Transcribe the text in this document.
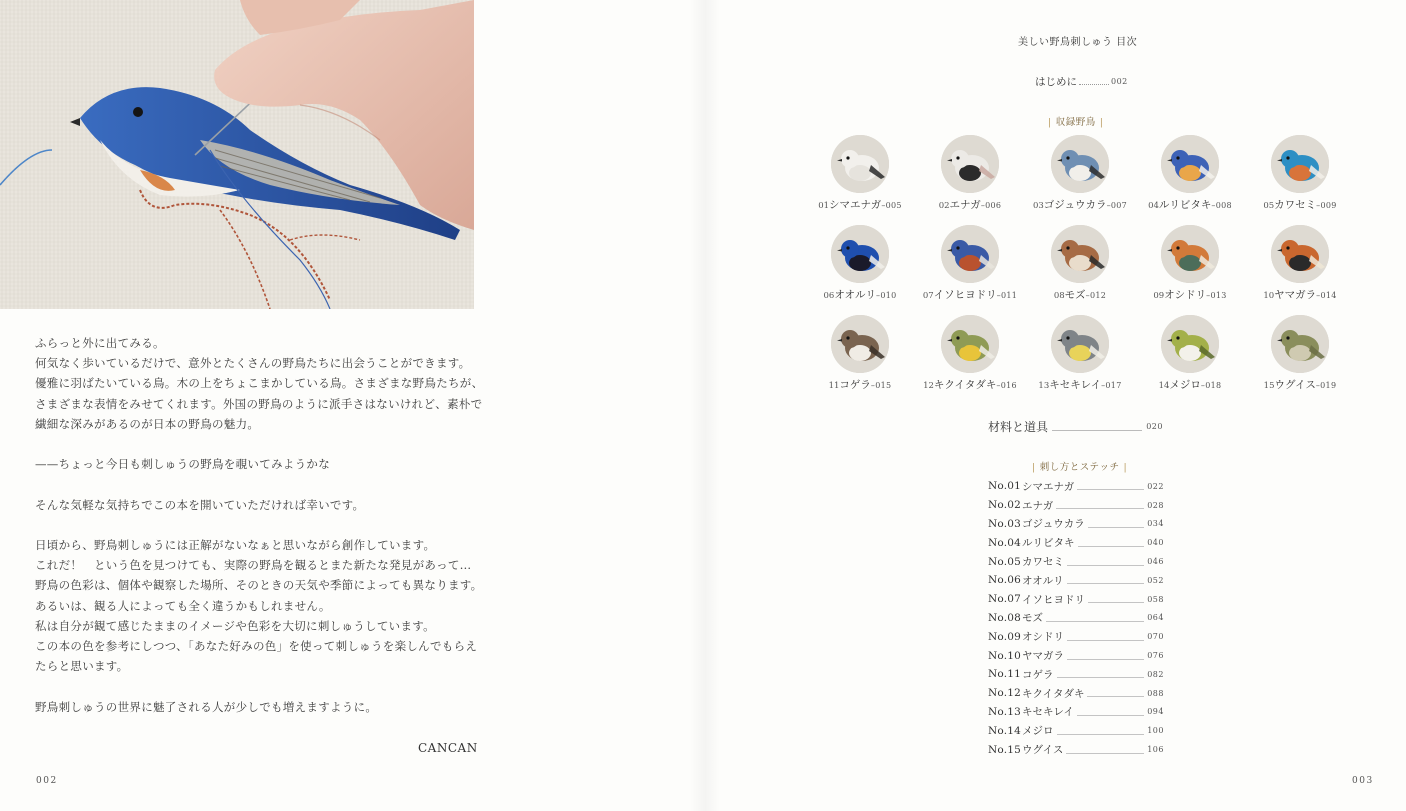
ふらっと外に出てみる。

何気なく歩いているだけで、意外とたくさんの野鳥たちに出会うことができます。

優雅に羽ばたいている鳥。木の上をちょこまかしている鳥。さまざまな野鳥たちが、

さまざまな表情をみせてくれます。外国の野鳥のように派手さはないけれど、素朴で

繊細な深みがあるのが日本の野鳥の魅力。

——ちょっと今日も刺しゅうの野鳥を覗いてみようかな

そんな気軽な気持ちでこの本を開いていただければ幸いです。

日頃から、野鳥刺しゅうには正解がないなぁと思いながら創作しています。

これだ！　という色を見つけても、実際の野鳥を観るとまた新たな発見があって…

野鳥の色彩は、個体や観察した場所、そのときの天気や季節によっても異なります。

あるいは、観る人によっても全く違うかもしれません。

私は自分が観て感じたままのイメージや色彩を大切に刺しゅうしています。

この本の色を参考にしつつ、「あなた好みの色」を使って刺しゅうを楽しんでもらえ

たらと思います。

野鳥刺しゅうの世界に魅了される人が少しでも増えますように。

CANCAN
002
美しい野鳥刺しゅう 目次
はじめに	002
| 収録野鳥 |
01シマエナガ–005	02エナガ–006	03ゴジュウカラ–007	04ルリビタキ–008	05カワセミ–009
06オオルリ–010	07イソヒヨドリ–011	08モズ–012	09オシドリ–013	10ヤマガラ–014
11コゲラ–015	12キクイタダキ–016	13キセキレイ–017	14メジロ–018	15ウグイス–019
材料と道具	020
| 刺し方とステッチ |
No.01 シマエナガ	022
No.02 エナガ	028
No.03 ゴジュウカラ	034
No.04 ルリビタキ	040
No.05 カワセミ	046
No.06 オオルリ	052
No.07 イソヒヨドリ	058
No.08 モズ	064
No.09 オシドリ	070
No.10 ヤマガラ	076
No.11 コゲラ	082
No.12 キクイタダキ	088
No.13 キセキレイ	094
No.14 メジロ	100
No.15 ウグイス	106
003
